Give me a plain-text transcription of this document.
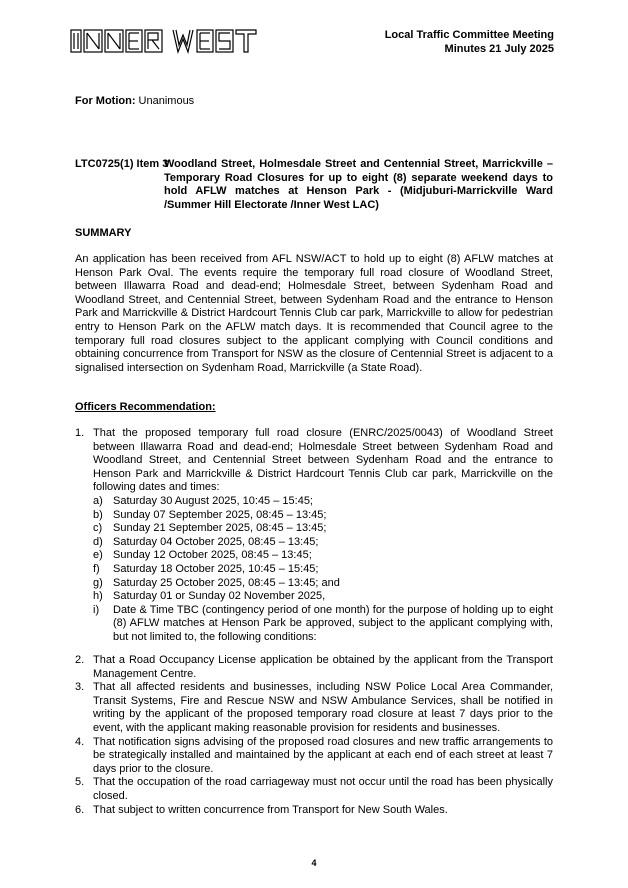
Local Traffic Committee Meeting
Minutes 21 July 2025
For Motion: Unanimous
LTC0725(1) Item 3
Woodland Street, Holmesdale Street and Centennial Street, Marrickville – Temporary Road Closures for up to eight (8) separate weekend days to hold AFLW matches at Henson Park - (Midjuburi-Marrickville Ward /Summer Hill Electorate /Inner West LAC)
SUMMARY
An application has been received from AFL NSW/ACT to hold up to eight (8) AFLW matches at Henson Park Oval. The events require the temporary full road closure of Woodland Street, between Illawarra Road and dead-end; Holmesdale Street, between Sydenham Road and Woodland Street, and Centennial Street, between Sydenham Road and the entrance to Henson Park and Marrickville & District Hardcourt Tennis Club car park, Marrickville to allow for pedestrian entry to Henson Park on the AFLW match days. It is recommended that Council agree to the temporary full road closures subject to the applicant complying with Council conditions and obtaining concurrence from Transport for NSW as the closure of Centennial Street is adjacent to a signalised intersection on Sydenham Road, Marrickville (a State Road).
Officers Recommendation:
1. That the proposed temporary full road closure (ENRC/2025/0043) of Woodland Street between Illawarra Road and dead-end; Holmesdale Street between Sydenham Road and Woodland Street, and Centennial Street between Sydenham Road and the entrance to Henson Park and Marrickville & District Hardcourt Tennis Club car park, Marrickville on the following dates and times:
a) Saturday 30 August 2025, 10:45 – 15:45;
b) Sunday 07 September 2025, 08:45 – 13:45;
c) Sunday 21 September 2025, 08:45 – 13:45;
d) Saturday 04 October 2025, 08:45 – 13:45;
e) Sunday 12 October 2025, 08:45 – 13:45;
f) Saturday 18 October 2025, 10:45 – 15:45;
g) Saturday 25 October 2025, 08:45 – 13:45; and
h) Saturday 01 or Sunday 02 November 2025,
i) Date & Time TBC (contingency period of one month) for the purpose of holding up to eight (8) AFLW matches at Henson Park be approved, subject to the applicant complying with, but not limited to, the following conditions:
2. That a Road Occupancy License application be obtained by the applicant from the Transport Management Centre.
3. That all affected residents and businesses, including NSW Police Local Area Commander, Transit Systems, Fire and Rescue NSW and NSW Ambulance Services, shall be notified in writing by the applicant of the proposed temporary road closure at least 7 days prior to the event, with the applicant making reasonable provision for residents and businesses.
4. That notification signs advising of the proposed road closures and new traffic arrangements to be strategically installed and maintained by the applicant at each end of each street at least 7 days prior to the closure.
5. That the occupation of the road carriageway must not occur until the road has been physically closed.
6. That subject to written concurrence from Transport for New South Wales.
4
